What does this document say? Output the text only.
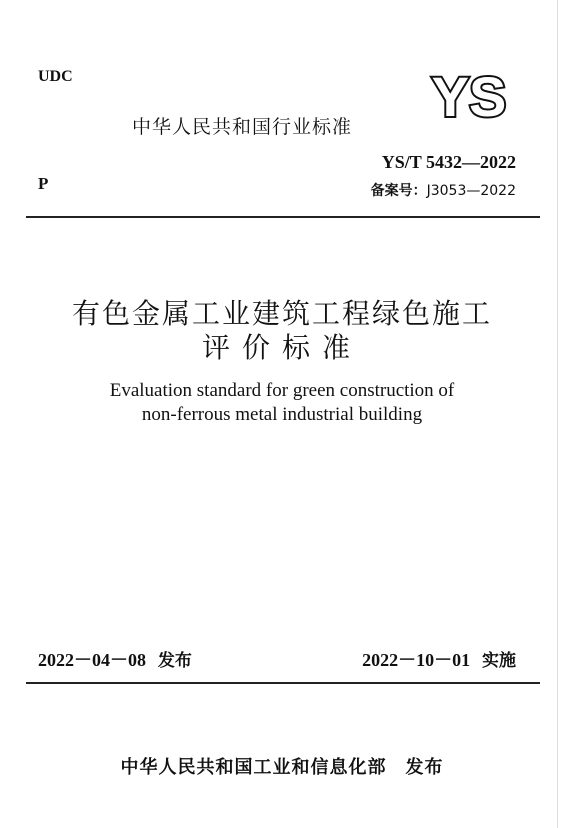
UDC
中华人民共和国行业标准 YS
YS/T 5432—2022
P	备案号：J3053—2022
有色金属工业建筑工程绿色施工
评价标准
Evaluation standard for green construction of
non-ferrous metal industrial building
2022－04－08 发布	2022－10－01 实施
中华人民共和国工业和信息化部　发布
